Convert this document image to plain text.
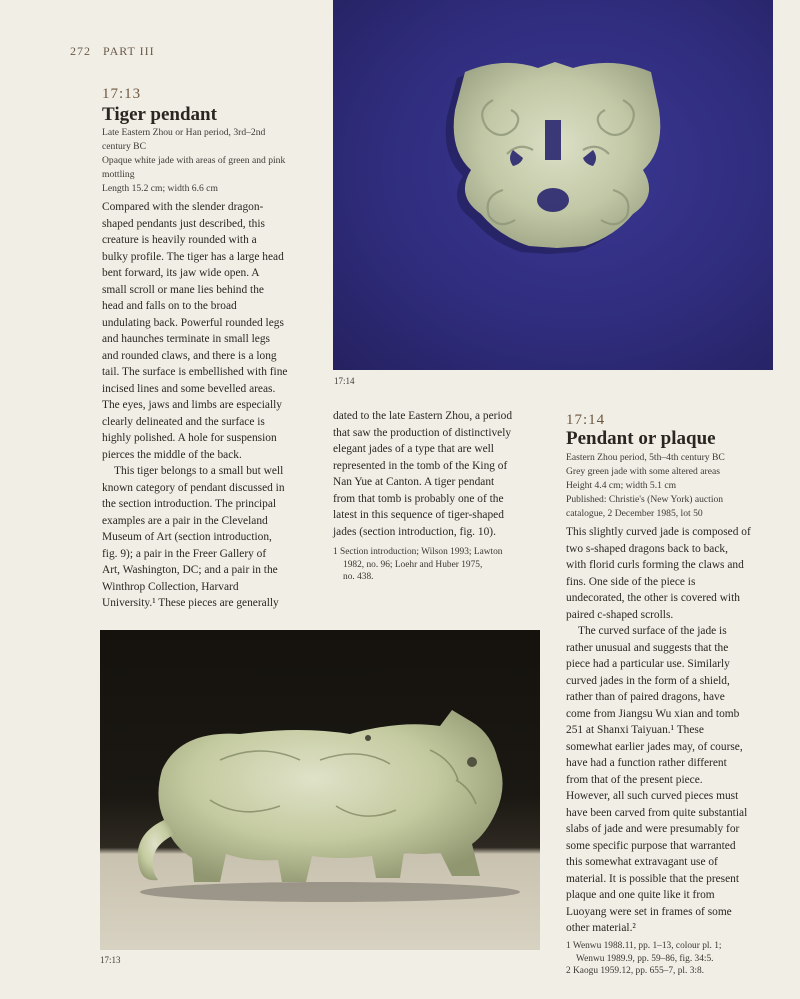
272 PART III
17:13
Tiger pendant
Late Eastern Zhou or Han period, 3rd–2nd
century BC
Opaque white jade with areas of green and pink
mottling
Length 15.2 cm; width 6.6 cm

Compared with the slender dragon-

shaped pendants just described, this

creature is heavily rounded with a

bulky profile. The tiger has a large head

bent forward, its jaw wide open. A

small scroll or mane lies behind the

head and falls on to the broad

undulating back. Powerful rounded legs

and haunches terminate in small legs

and rounded claws, and there is a long

tail. The surface is embellished with fine

incised lines and some bevelled areas.

The eyes, jaws and limbs are especially

clearly delineated and the surface is

highly polished. A hole for suspension

pierces the middle of the back.

This tiger belongs to a small but well

known category of pendant discussed in

the section introduction. The principal

examples are a pair in the Cleveland

Museum of Art (section introduction,

fig. 9); a pair in the Freer Gallery of

Art, Washington, DC; and a pair in the

Winthrop Collection, Harvard

University.¹ These pieces are generally

17:14

dated to the late Eastern Zhou, a period

that saw the production of distinctively

elegant jades of a type that are well

represented in the tomb of the King of

Nan Yue at Canton. A tiger pendant

from that tomb is probably one of the

latest in this sequence of tiger-shaped

jades (section introduction, fig. 10).

1 Section introduction; Wilson 1993; Lawton
1982, no. 96; Loehr and Huber 1975,
no. 438.
17:14
Pendant or plaque
Eastern Zhou period, 5th–4th century BC
Grey green jade with some altered areas
Height 4.4 cm; width 5.1 cm
Published: Christie's (New York) auction
catalogue, 2 December 1985, lot 50

This slightly curved jade is composed of

two s-shaped dragons back to back,

with florid curls forming the claws and

fins. One side of the piece is

undecorated, the other is covered with

paired c-shaped scrolls.

The curved surface of the jade is

rather unusual and suggests that the

piece had a particular use. Similarly

curved jades in the form of a shield,

rather than of paired dragons, have

come from Jiangsu Wu xian and tomb

251 at Shanxi Taiyuan.¹ These

somewhat earlier jades may, of course,

have had a function rather different

from that of the present piece.

However, all such curved pieces must

have been carved from quite substantial

slabs of jade and were presumably for

some specific purpose that warranted

this somewhat extravagant use of

material. It is possible that the present

plaque and one quite like it from

Luoyang were set in frames of some

other material.²

1 Wenwu 1988.11, pp. 1–13, colour pl. 1;
Wenwu 1989.9, pp. 59–86, fig. 34:5.
2 Kaogu 1959.12, pp. 655–7, pl. 3:8.
17:13
